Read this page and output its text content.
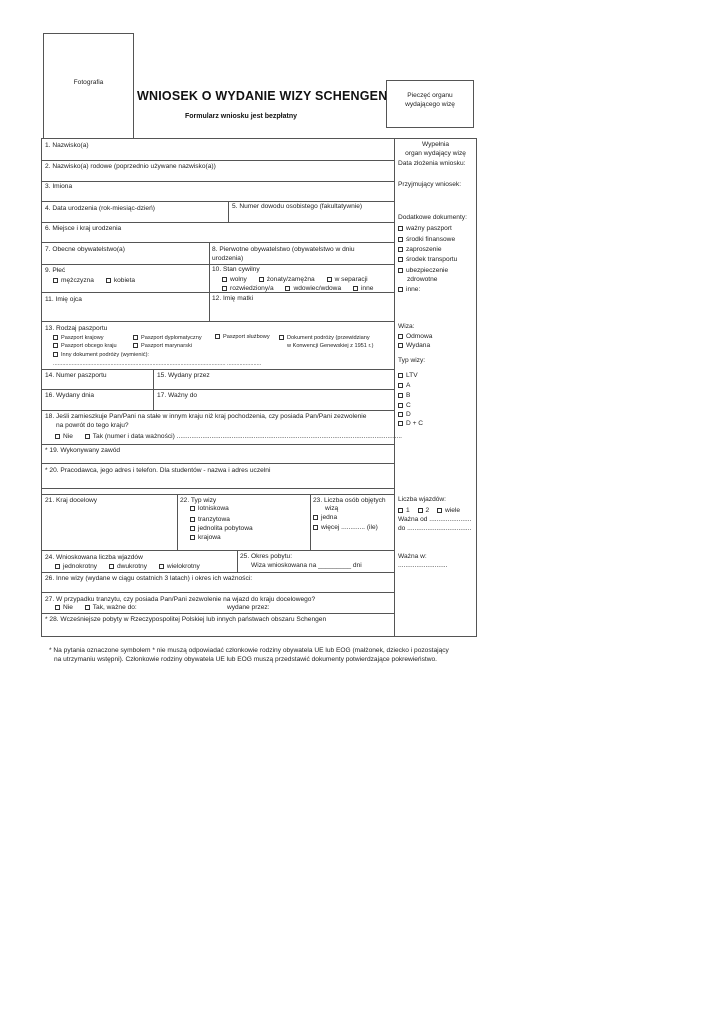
Fotografia
WNIOSEK O WYDANIE WIZY SCHENGEN
Formularz wniosku jest bezpłatny
Pieczęć organu
wydającego wizę
1. Nazwisko(a)
2. Nazwisko(a) rodowe (poprzednio używane nazwisko(a))
3. Imiona
4. Data urodzenia (rok-miesiąc-dzień)	5. Numer dowodu osobistego (fakultatywnie)
6. Miejsce i kraj urodzenia
7. Obecne obywatelstwo(a)	8. Pierwotne obywatelstwo (obywatelstwo w dniu
urodzenia)
9. Płeć
mężczyzna	kobieta
10. Stan cywilny
wolny	żonaty/zamężna	w separacji
rozwiedziony/a	wdowiec/wdowa	inne
11. Imię ojca	12. Imię matki
13. Rodzaj paszportu
Paszport krajowy	Paszport dyplomatyczny	Paszport służbowy	Dokument podróży (przewidziany
w Konwencji Genewskiej z 1951 r.)
Paszport obcego kraju	Paszport marynarski
Inny dokument podróży (wymienić):
............................................................................................................... ......................
14. Numer paszportu	15. Wydany przez
16. Wydany dnia	17. Ważny do
18. Jeśli zamieszkuje Pan/Pani na stałe w innym kraju niż kraj pochodzenia, czy posiada Pan/Pani zezwolenie
na powrót do tego kraju?
Nie	Tak (numer i data ważności) ...........................................................................................................................
* 19. Wykonywany zawód
* 20. Pracodawca, jego adres i telefon. Dla studentów - nazwa i adres uczelni
21. Kraj docelowy	22. Typ wizy
lotniskowa
tranzytowa
jednolita pobytowa
krajowa
23. Liczba osób objętych
wizą
jedna
więcej ............. (ile)
24. Wnioskowana liczba wjazdów
jednokrotny	dwukrotny	wielokrotny
25. Okres pobytu:
Wiza wnioskowana na _________ dni
26. Inne wizy (wydane w ciągu ostatnich 3 latach) i okres ich ważności:
27. W przypadku tranzytu, czy posiada Pan/Pani zezwolenie na wjazd do kraju docelowego?
Nie	Tak, ważne do:	wydane przez:
* 28. Wcześniejsze pobyty w Rzeczypospolitej Polskiej lub innych państwach obszaru Schengen
Wypełnia
organ wydający wizę
Data złożenia wniosku:
Przyjmujący wniosek:
Dodatkowe dokumenty:
ważny paszport
środki finansowe
zaproszenie
środek transportu
ubezpieczenie
zdrowotne
inne:
Wiza:
Odmowa
Wydana
Typ wizy:
LTV
A
B
C
D
D + C
Liczba wjazdów:
1 2 wiele
Ważna od .......................
do ...................................
Ważna w:
...........................
* Na pytania oznaczone symbolem * nie muszą odpowiadać członkowie rodziny obywatela UE lub EOG (małżonek, dziecko i pozostający
na utrzymaniu wstępni). Członkowie rodziny obywatela UE lub EOG muszą przedstawić dokumenty potwierdzające pokrewieństwo.
